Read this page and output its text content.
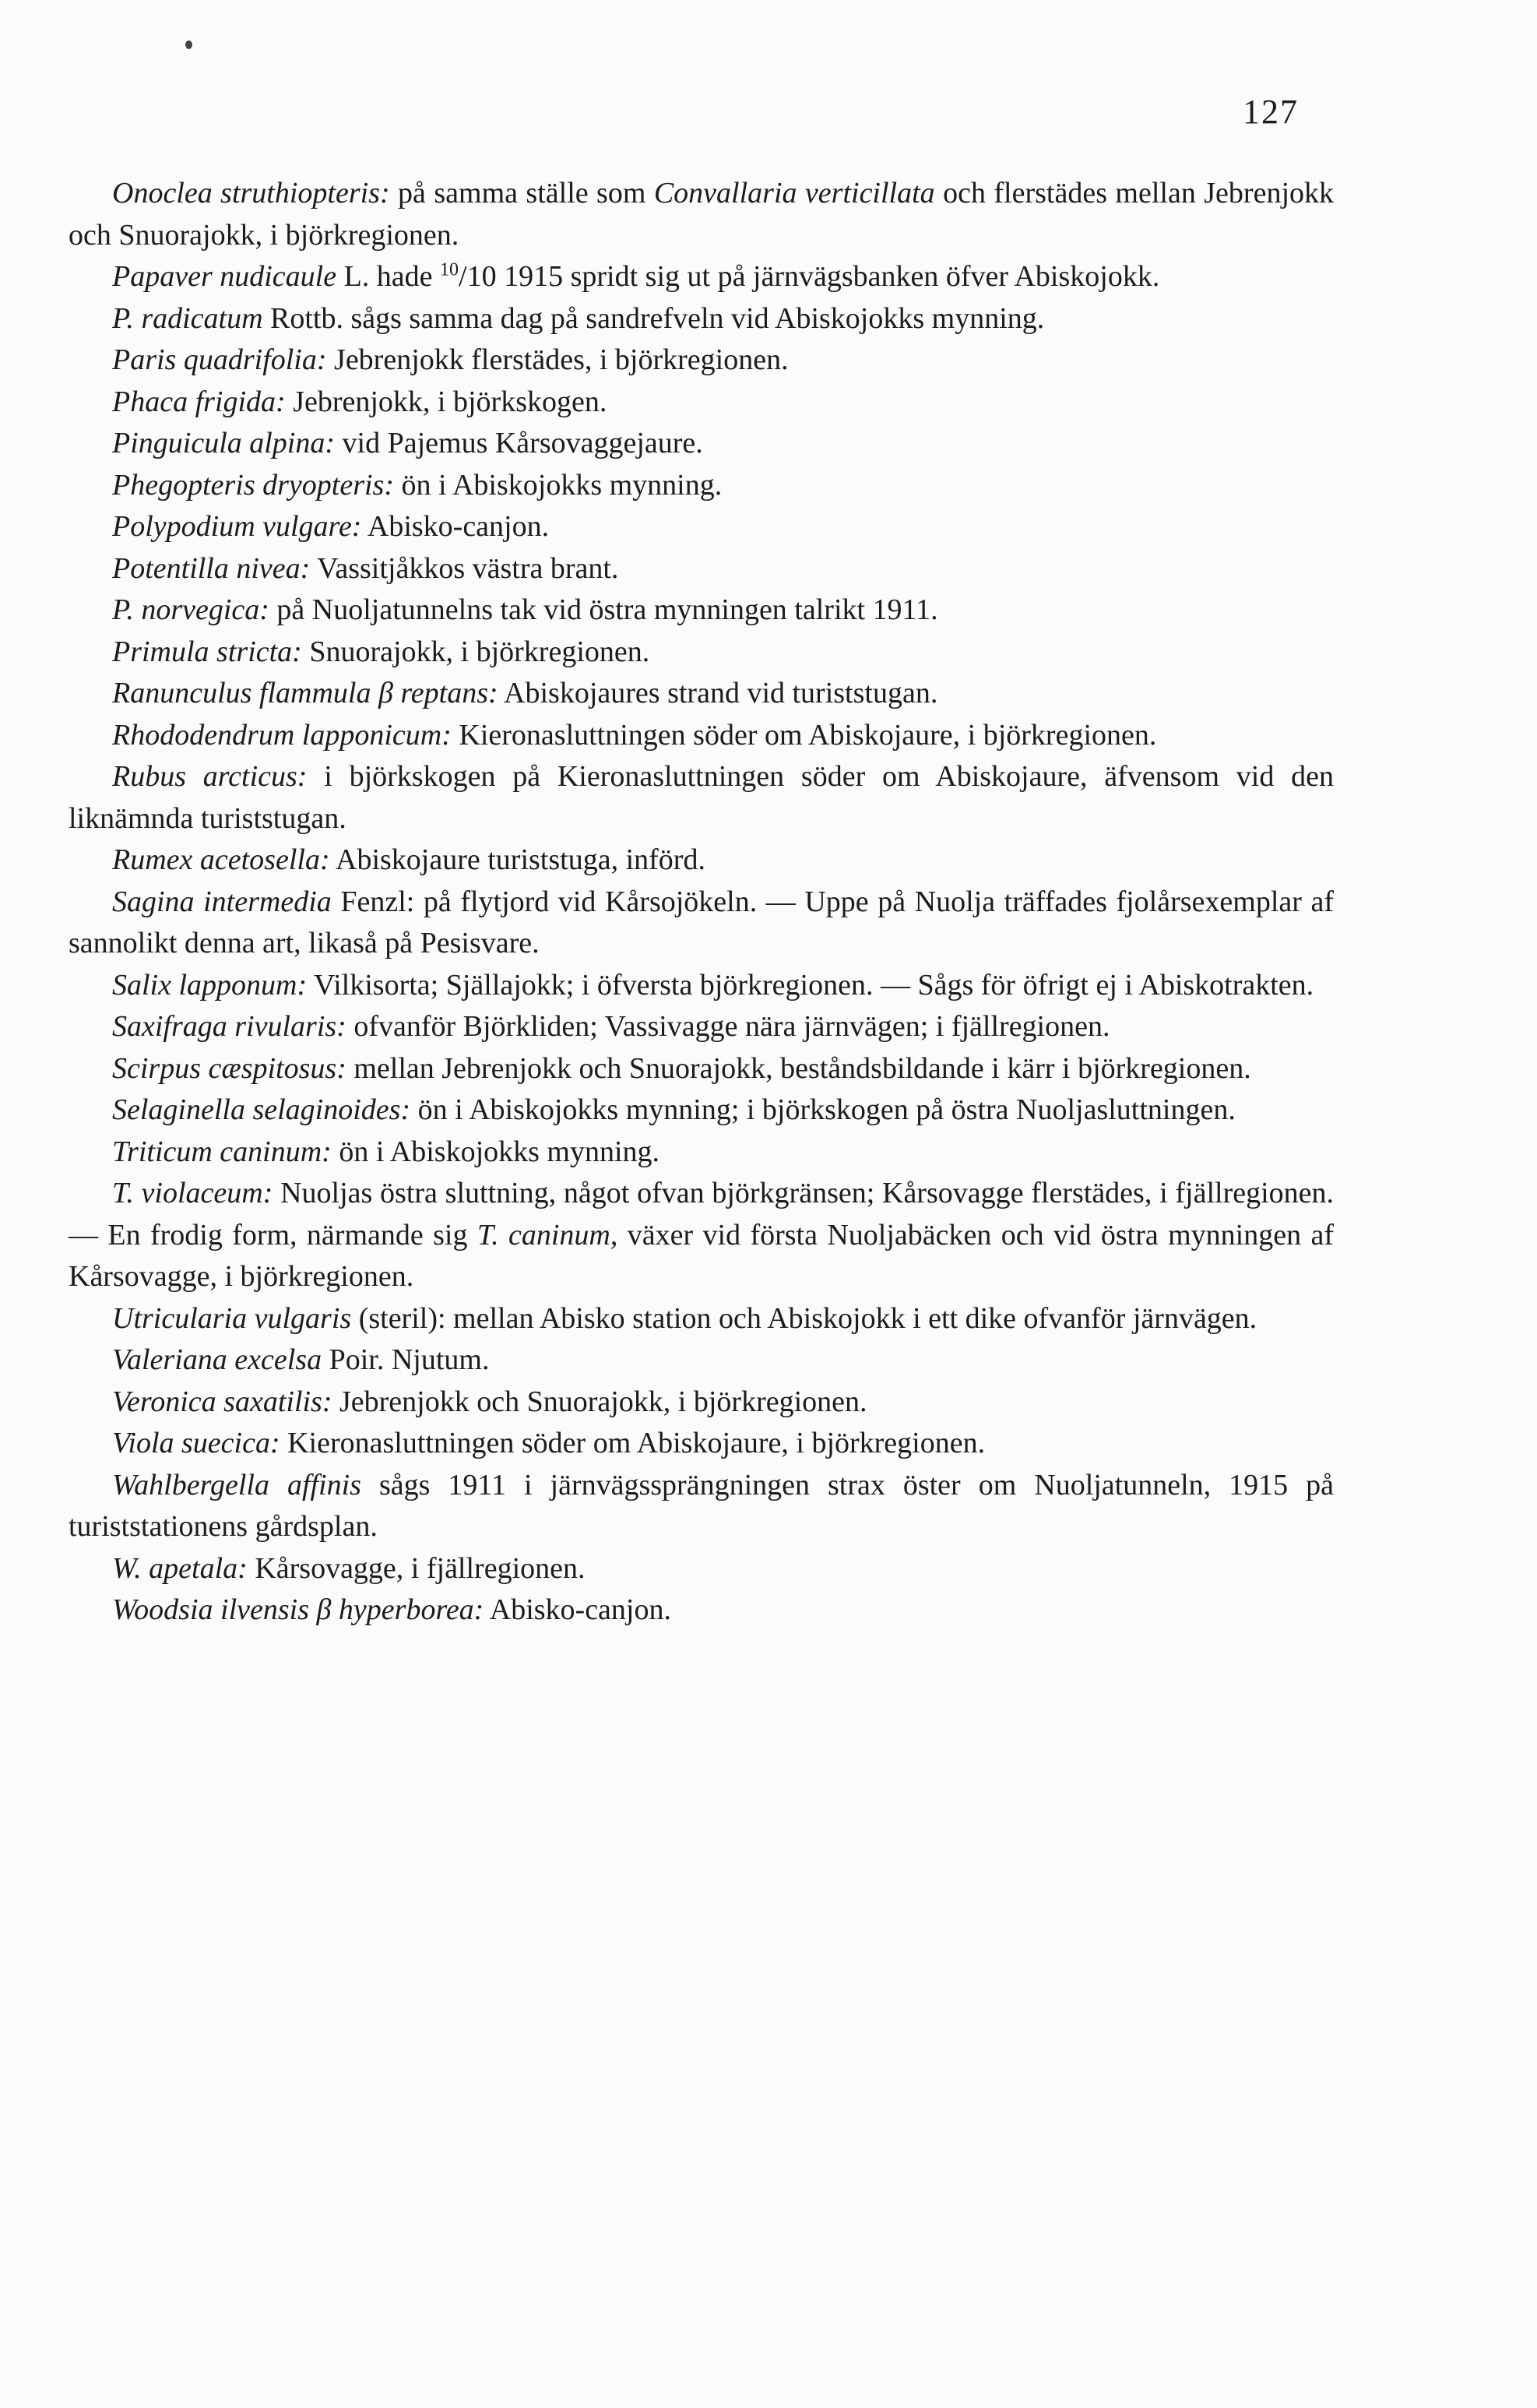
127
Onoclea struthiopteris: på samma ställe som Convallaria verticillata och flerstädes mellan Jebrenjokk och Snuorajokk, i björkregionen.
Papaver nudicaule L. hade $^{10}$/10 1915 spridt sig ut på järnvägsbanken öfver Abiskojokk.
P. radicatum Rottb. sågs samma dag på sandrefveln vid Abiskojokks mynning.
Paris quadrifolia: Jebrenjokk flerstädes, i björkregionen.
Phaca frigida: Jebrenjokk, i björkskogen.
Pinguicula alpina: vid Pajemus Kårsovaggejaure.
Phegopteris dryopteris: ön i Abiskojokks mynning.
Polypodium vulgare: Abisko-canjon.
Potentilla nivea: Vassitjåkkos västra brant.
P. norvegica: på Nuoljatunnelns tak vid östra mynningen talrikt 1911.
Primula stricta: Snuorajokk, i björkregionen.
Ranunculus flammula β reptans: Abiskojaures strand vid turiststugan.
Rhododendrum lapponicum: Kieronasluttningen söder om Abiskojaure, i björkregionen.
Rubus arcticus: i björkskogen på Kieronasluttningen söder om Abiskojaure, äfvensom vid den liknämnda turiststugan.
Rumex acetosella: Abiskojaure turiststuga, införd.
Sagina intermedia Fenzl: på flytjord vid Kårsojökeln. — Uppe på Nuolja träffades fjolårsexemplar af sannolikt denna art, likaså på Pesisvare.
Salix lapponum: Vilkisorta; Själlajokk; i öfversta björkregionen. — Sågs för öfrigt ej i Abiskotrakten.
Saxifraga rivularis: ofvanför Björkliden; Vassivagge nära järnvägen; i fjällregionen.
Scirpus cæspitosus: mellan Jebrenjokk och Snuorajokk, beståndsbildande i kärr i björkregionen.
Selaginella selaginoides: ön i Abiskojokks mynning; i björkskogen på östra Nuoljasluttningen.
Triticum caninum: ön i Abiskojokks mynning.
T. violaceum: Nuoljas östra sluttning, något ofvan björkgränsen; Kårsovagge flerstädes, i fjällregionen. — En frodig form, närmande sig T. caninum, växer vid första Nuoljabäcken och vid östra mynningen af Kårsovagge, i björkregionen.
Utricularia vulgaris (steril): mellan Abisko station och Abiskojokk i ett dike ofvanför järnvägen.
Valeriana excelsa Poir. Njutum.
Veronica saxatilis: Jebrenjokk och Snuorajokk, i björkregionen.
Viola suecica: Kieronasluttningen söder om Abiskojaure, i björkregionen.
Wahlbergella affinis sågs 1911 i järnvägssprängningen strax öster om Nuoljatunneln, 1915 på turiststationens gårdsplan.
W. apetala: Kårsovagge, i fjällregionen.
Woodsia ilvensis β hyperborea: Abisko-canjon.
